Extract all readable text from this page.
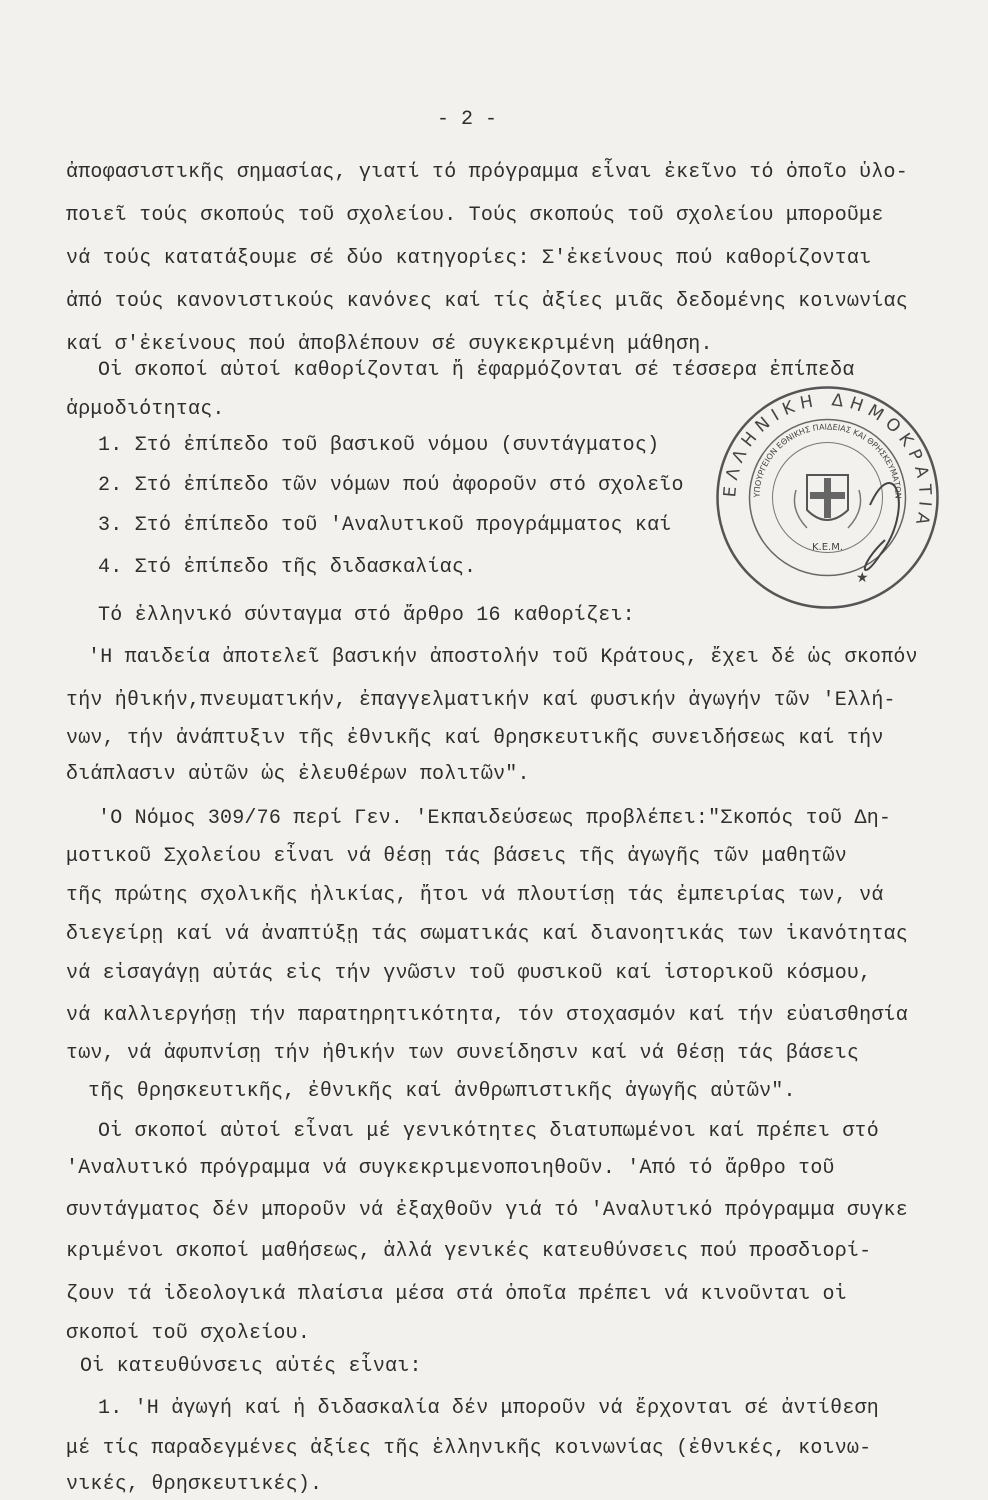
- 2 -
ἀποφασιστικῆς σημασίας, γιατί τό πρόγραμμα εἶναι ἐκεῖνο τό ὁποῖο ὑλο-
ποιεῖ τούς σκοπούς τοῦ σχολείου. Τούς σκοπούς τοῦ σχολείου μποροῦμε
νά τούς κατατάξουμε σέ δύο κατηγορίες: Σ'ἐκείνους πού καθορίζονται
ἀπό τούς κανονιστικούς κανόνες καί τίς ἀξίες μιᾶς δεδομένης κοινωνίας
καί σ'ἐκείνους πού ἀποβλέπουν σέ συγκεκριμένη μάθηση.
Οἱ σκοποί αὐτοί καθορίζονται ἤ ἐφαρμόζονται σέ τέσσερα ἐπίπεδα
ἁρμοδιότητας.
1. Στό ἐπίπεδο τοῦ βασικοῦ νόμου (συντάγματος)
2. Στό ἐπίπεδο τῶν νόμων πού ἀφοροῦν στό σχολεῖο
3. Στό ἐπίπεδο τοῦ 'Αναλυτικοῦ προγράμματος καί
4. Στό ἐπίπεδο τῆς διδασκαλίας.
Τό ἑλληνικό σύνταγμα στό ἄρθρο 16 καθορίζει:
'Η παιδεία ἀποτελεῖ βασικήν ἀποστολήν τοῦ Κράτους, ἔχει δέ ὡς σκοπόν
τήν ἠθικήν,πνευματικήν, ἐπαγγελματικήν καί φυσικήν ἀγωγήν τῶν 'Ελλή-
νων, τήν ἀνάπτυξιν τῆς ἐθνικῆς καί θρησκευτικῆς συνειδήσεως καί τήν
διάπλασιν αὐτῶν ὡς ἐλευθέρων πολιτῶν".
'Ο Νόμος 309/76 περί Γεν. 'Εκπαιδεύσεως προβλέπει:"Σκοπός τοῦ Δη-
μοτικοῦ Σχολείου εἶναι νά θέσῃ τάς βάσεις τῆς ἀγωγῆς τῶν μαθητῶν
τῆς πρώτης σχολικῆς ἡλικίας, ἤτοι νά πλουτίσῃ τάς ἐμπειρίας των, νά
διεγείρῃ καί νά ἀναπτύξῃ τάς σωματικάς καί διανοητικάς των ἱκανότητας
νά εἰσαγάγῃ αὐτάς εἰς τήν γνῶσιν τοῦ φυσικοῦ καί ἱστορικοῦ κόσμου,
νά καλλιεργήσῃ τήν παρατηρητικότητα, τόν στοχασμόν καί τήν εὐαισθησία
των, νά ἀφυπνίσῃ τήν ἠθικήν των συνείδησιν καί νά θέσῃ τάς βάσεις
τῆς θρησκευτικῆς, ἐθνικῆς καί ἀνθρωπιστικῆς ἀγωγῆς αὐτῶν".
Οἱ σκοποί αὐτοί εἶναι μέ γενικότητες διατυπωμένοι καί πρέπει στό
'Αναλυτικό πρόγραμμα νά συγκεκριμενοποιηθοῦν. 'Από τό ἄρθρο τοῦ
συντάγματος δέν μποροῦν νά ἐξαχθοῦν γιά τό 'Αναλυτικό πρόγραμμα συγκε
κριμένοι σκοποί μαθήσεως, ἀλλά γενικές κατευθύνσεις πού προσδιορί-
ζουν τά ἰδεολογικά πλαίσια μέσα στά ὁποῖα πρέπει νά κινοῦνται οἱ
σκοποί τοῦ σχολείου.
Οἱ κατευθύνσεις αὐτές εἶναι:
1. 'Η ἀγωγή καί ἡ διδασκαλία δέν μποροῦν νά ἔρχονται σέ ἀντίθεση
μέ τίς παραδεγμένες ἀξίες τῆς ἑλληνικῆς κοινωνίας (ἐθνικές, κοινω-
νικές, θρησκευτικές).
ΕΛΛΗΝΙΚΗ ΔΗΜΟΚΡΑΤΙΑ
ΥΠΟΥΡΓΕΙΟΝ ΕΘΝΙΚΗΣ ΠΑΙΔΕΙΑΣ ΚΑΙ ΘΡΗΣΚΕΥΜΑΤΩΝ
Κ.Ε.Μ.
★
